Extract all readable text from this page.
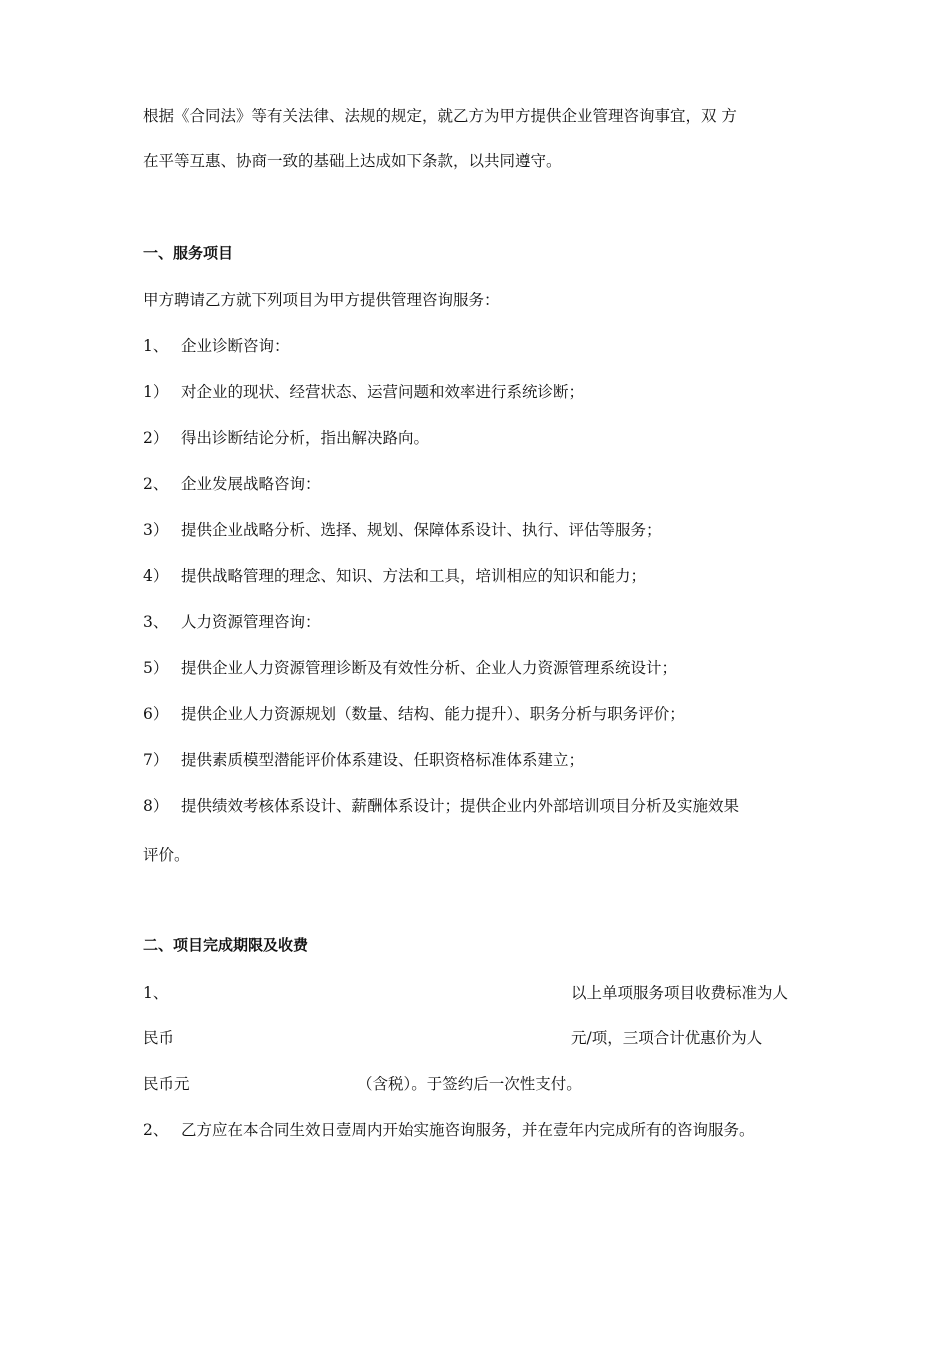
根据《合同法》等有关法律、法规的规定，就乙方为甲方提供企业管理咨询事宜，双 方
在平等互惠、协商一致的基础上达成如下条款，以共同遵守。
一、服务项目
甲方聘请乙方就下列项目为甲方提供管理咨询服务：
1、 企业诊断咨询：
1） 对企业的现状、经营状态、运营问题和效率进行系统诊断；
2） 得出诊断结论分析，指出解决路向。
2、 企业发展战略咨询：
3） 提供企业战略分析、选择、规划、保障体系设计、执行、评估等服务；
4） 提供战略管理的理念、知识、方法和工具，培训相应的知识和能力；
3、 人力资源管理咨询：
5） 提供企业人力资源管理诊断及有效性分析、企业人力资源管理系统设计；
6） 提供企业人力资源规划（数量、结构、能力提升）、职务分析与职务评价；
7） 提供素质模型潜能评价体系建设、任职资格标准体系建立；
8） 提供绩效考核体系设计、薪酬体系设计；提供企业内外部培训项目分析及实施效果
评价。
二、项目完成期限及收费
1、	以上单项服务项目收费标准为人
民币	元/项，三项合计优惠价为人
民币元	（含税）。于签约后一次性支付。
2、 乙方应在本合同生效日壹周内开始实施咨询服务，并在壹年内完成所有的咨询服务。
